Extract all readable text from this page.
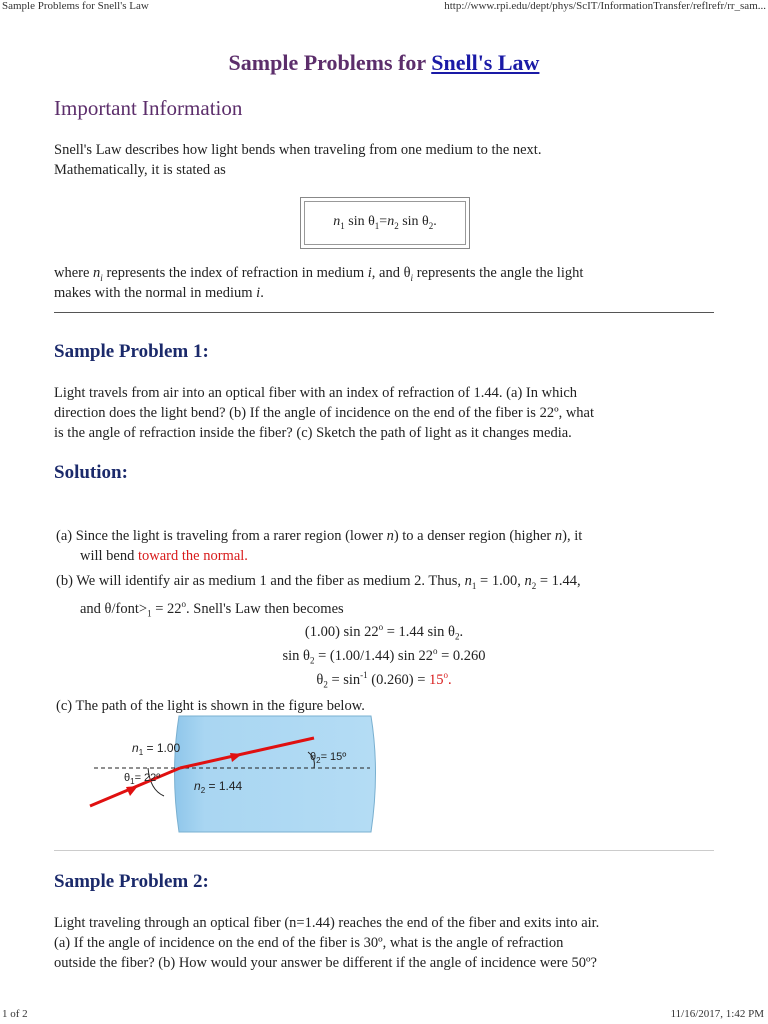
Sample Problems for Snell's Law	http://www.rpi.edu/dept/phys/ScIT/InformationTransfer/reflrefr/rr_sam...
Sample Problems for Snell's Law
Important Information
Snell's Law describes how light bends when traveling from one medium to the next.
Mathematically, it is stated as
$n_1$ $\sin \theta_1=n_2$ $\sin \theta_2$.
where $n_i$ represents the index of refraction in medium i, and $\theta_i$ represents the angle the light
makes with the normal in medium i.
Sample Problem 1:
Light travels from air into an optical fiber with an index of refraction of 1.44. (a) In which
direction does the light bend? (b) If the angle of incidence on the end of the fiber is 22º, what
is the angle of refraction inside the fiber? (c) Sketch the path of light as it changes media.
Solution:
(a) Since the light is traveling from a rarer region (lower n) to a denser region (higher n), it
will bend toward the normal.
(b) We will identify air as medium 1 and the fiber as medium 2. Thus, $n_1 = 1.00$, $n_2 = 1.44$,
and $\theta/font>_1 = 22^o$. Snell's Law then becomes
(1.00) $\sin 22^o = 1.44$ $\sin \theta_2$.
$\sin \theta_2 = (1.00/1.44)$ $\sin 22^o = 0.260$
$\theta_2 = \sin^{-1} (0.260) = 15^o$.
(c) The path of the light is shown in the figure below.
$n_1 = 1.00$
$n_2 = 1.44$
$\theta_1=$ 22º
$\theta_2=$ 15º
Sample Problem 2:
Light traveling through an optical fiber (n=1.44) reaches the end of the fiber and exits into air.
(a) If the angle of incidence on the end of the fiber is 30º, what is the angle of refraction
outside the fiber? (b) How would your answer be different if the angle of incidence were 50º?
1 of 2	11/16/2017, 1:42 PM
